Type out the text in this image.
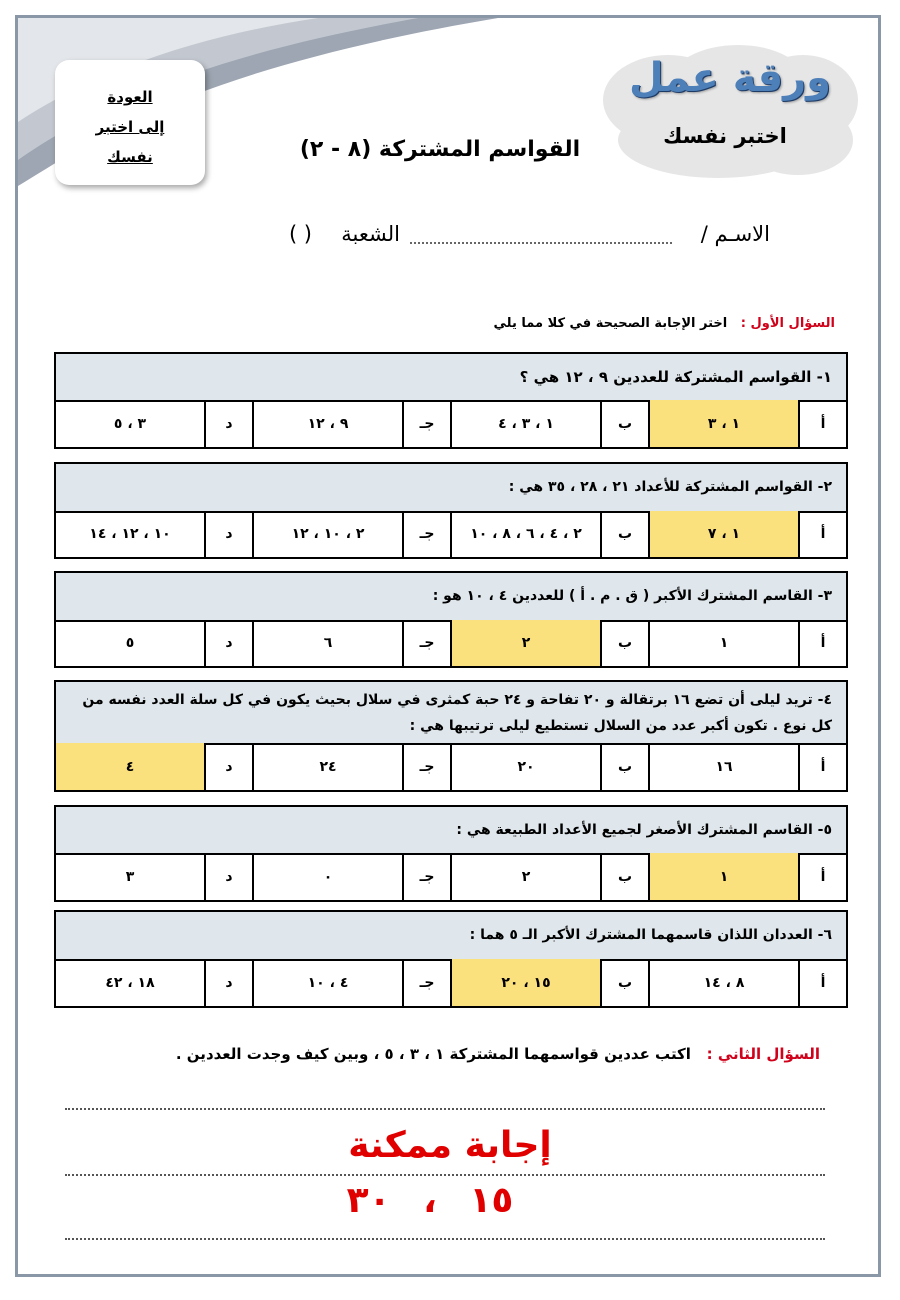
العودة
إلى اختبر
نفسك
ورقة عمل
اختبر نفسك
(٨ - ٢) القواسم المشتركة
الاسـم /
الشعبة
( )
السؤال الأول :   اختر الإجابة الصحيحة في كلا مما يلي
١- القواسم المشتركة للعددين ٩ ، ١٢ هي ؟
أ
١ ، ٣
ب
١ ، ٣ ، ٤
جـ
٩ ، ١٢
د
٣ ، ٥
٢- القواسم المشتركة للأعداد ٢١ ، ٢٨ ، ٣٥ هي :
أ
١ ، ٧
ب
٢ ، ٤ ، ٦ ، ٨ ، ١٠
جـ
٢ ، ١٠ ، ١٢
د
١٠ ، ١٢ ، ١٤
٣- القاسم المشترك الأكبر ( ق . م . أ ) للعددين ٤ ، ١٠ هو :
أ
١
ب
٢
جـ
٦
د
٥
٤- تريد ليلى أن تضع ١٦ برتقالة و ٢٠ تفاحة و ٢٤ حبة كمثرى في سلال بحيث يكون في كل سلة العدد نفسه من كل نوع . تكون أكبر عدد من السلال تستطيع ليلى ترتيبها هي :
أ
١٦
ب
٢٠
جـ
٢٤
د
٤
٥- القاسم المشترك الأصغر لجميع الأعداد الطبيعة هي :
أ
١
ب
٢
جـ
٠
د
٣
٦- العددان اللذان قاسمهما المشترك الأكبر الـ ٥ هما :
أ
٨ ، ١٤
ب
١٥ ، ٢٠
جـ
٤ ، ١٠
د
١٨ ، ٤٢
السؤال الثاني :   اكتب عددين قواسمهما المشتركة ١ ، ٣ ، ٥ ، وبين كيف وجدت العددين .
إجابة ممكنة
١٥ ، ٣٠
